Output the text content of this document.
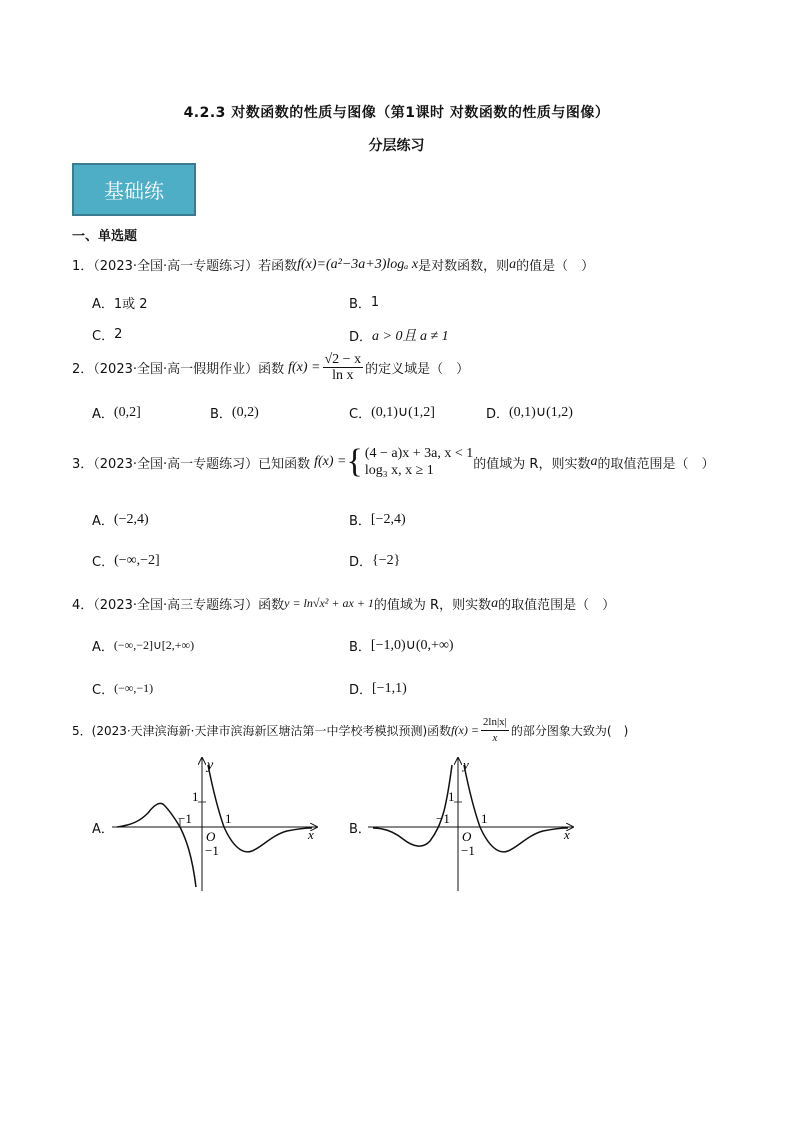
4.2.3 对数函数的性质与图像（第1课时 对数函数的性质与图像）
分层练习
基础练
一、单选题
1．（2023·全国·高一专题练习）若函数 f(x)=(a²−3a+3)logₐ x 是对数函数，则 a 的值是（　）
A． 1或 2	B． 1
C． 2	D． a > 0且 a ≠ 1
2．（2023·全国·高一假期作业）函数 $f(x) = \frac{√2 - x}{\text{ln x}}$ 的定义域是（　）
A． (0,2]	B． (0,2)	C． (0,1)∪(1,2]	D． (0,1)∪(1,2)
3．（2023·全国·高一专题练习）已知函数 f(x) = { (4 − a)x + 3a, x < 1
log₃ x, x ≥ 1	的值域为 R，则实数 a 的取值范围是（　）
A． (−2,4)	B． [−2,4)
C． (−∞,−2]	D． {−2}
4．（2023·全国·高三专题练习）函数 y = ln√x² + ax + 1 的值域为 R，则实数 a 的取值范围是（　）
A． (−∞,−2]∪[2,+∞)	B． [−1,0)∪(0,+∞)
C． (−∞,−1)	D． [−1,1)
5．(2023·天津滨海新·天津市滨海新区塘沽第一中学校考模拟预测)函数 $f(x) = \frac{2\ln|x|}{x}$ 的部分图象大致为(　)
A．	B．
y
x
O
1
1
−1
−1
y
x
O
1
1
−1
−1
